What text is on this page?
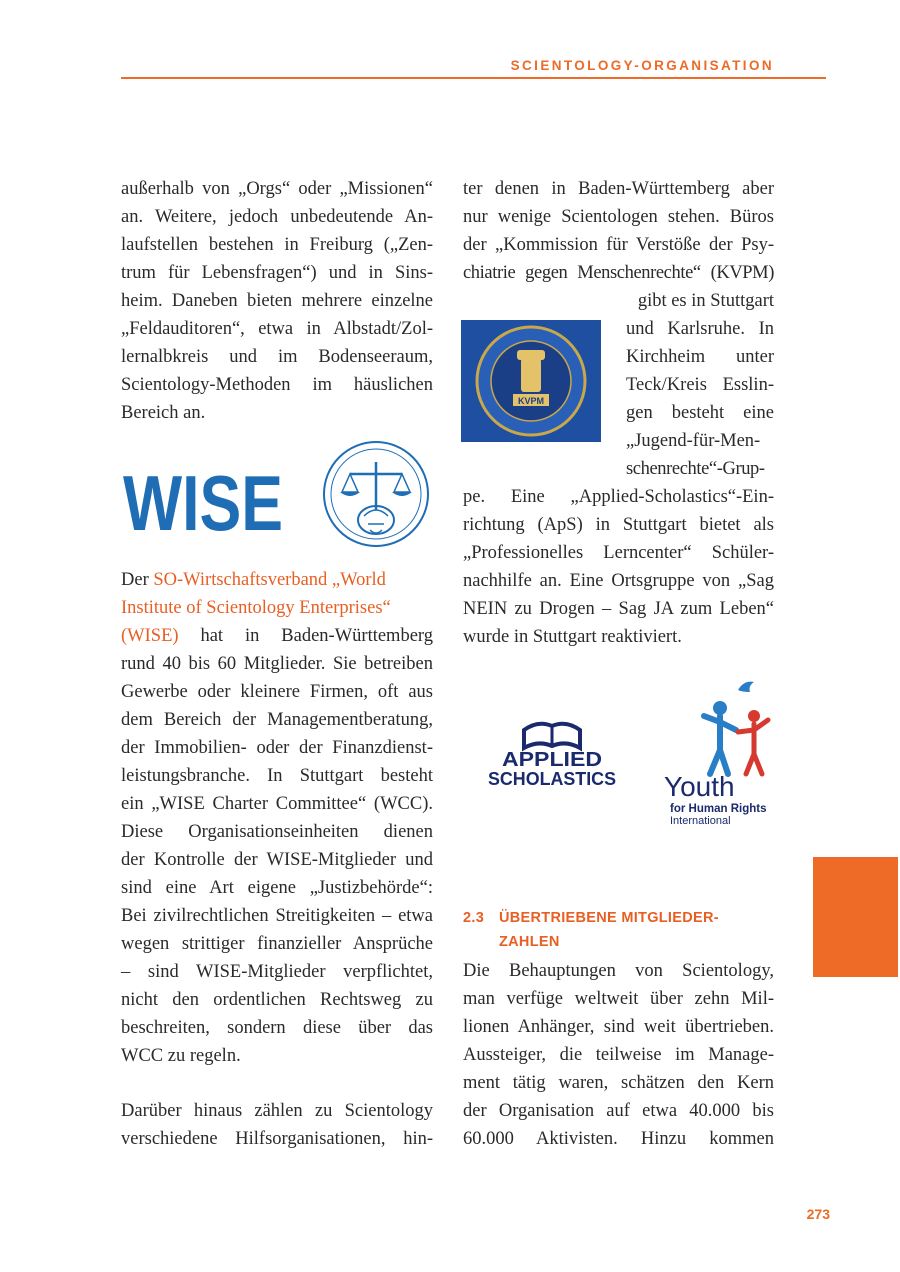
SCIENTOLOGY-ORGANISATION
außerhalb von „Orgs“ oder „Missionen“
an. Weitere, jedoch unbedeutende An-
laufstellen bestehen in Freiburg („Zen-
trum für Lebensfragen“) und in Sins-
heim. Daneben bieten mehrere einzelne
„Feldauditoren“, etwa in Albstadt/Zol-
lernalbkreis und im Bodenseeraum,
Scientology-Methoden im häuslichen
Bereich an.
WISE
Der SO-Wirtschaftsverband „World
Institute of Scientology Enterprises“
(WISE) hat in Baden-Württemberg
rund 40 bis 60 Mitglieder. Sie betreiben
Gewerbe oder kleinere Firmen, oft aus
dem Bereich der Managementberatung,
der Immobilien- oder der Finanzdienst-
leistungsbranche. In Stuttgart besteht
ein „WISE Charter Committee“ (WCC).
Diese Organisationseinheiten dienen
der Kontrolle der WISE-Mitglieder und
sind eine Art eigene „Justizbehörde“:
Bei zivilrechtlichen Streitigkeiten – etwa
wegen strittiger finanzieller Ansprüche
– sind WISE-Mitglieder verpflichtet,
nicht den ordentlichen Rechtsweg zu
beschreiten, sondern diese über das
WCC zu regeln.
Darüber hinaus zählen zu Scientology
verschiedene Hilfsorganisationen, hin-
ter denen in Baden-Württemberg aber
nur wenige Scientologen stehen. Büros
der „Kommission für Verstöße der Psy-
chiatrie gegen Menschenrechte“ (KVPM)
KVPM
gibt es in Stuttgart
und Karlsruhe. In
Kirchheim unter
Teck/Kreis Esslin-
gen besteht eine
„Jugend-für-Men-
schenrechte“-Grup-
pe. Eine „Applied-Scholastics“-Ein-
richtung (ApS) in Stuttgart bietet als
„Professionelles Lerncenter“ Schüler-
nachhilfe an. Eine Ortsgruppe von „Sag
NEIN zu Drogen – Sag JA zum Leben“
wurde in Stuttgart reaktiviert.
APPLIED
SCHOLASTICS Youth
for Human Rights
International
2.3 ÜBERTRIEBENE MITGLIEDER-
ZAHLEN
Die Behauptungen von Scientology,
man verfüge weltweit über zehn Mil-
lionen Anhänger, sind weit übertrieben.
Aussteiger, die teilweise im Manage-
ment tätig waren, schätzen den Kern
der Organisation auf etwa 40.000 bis
60.000 Aktivisten. Hinzu kommen
273
